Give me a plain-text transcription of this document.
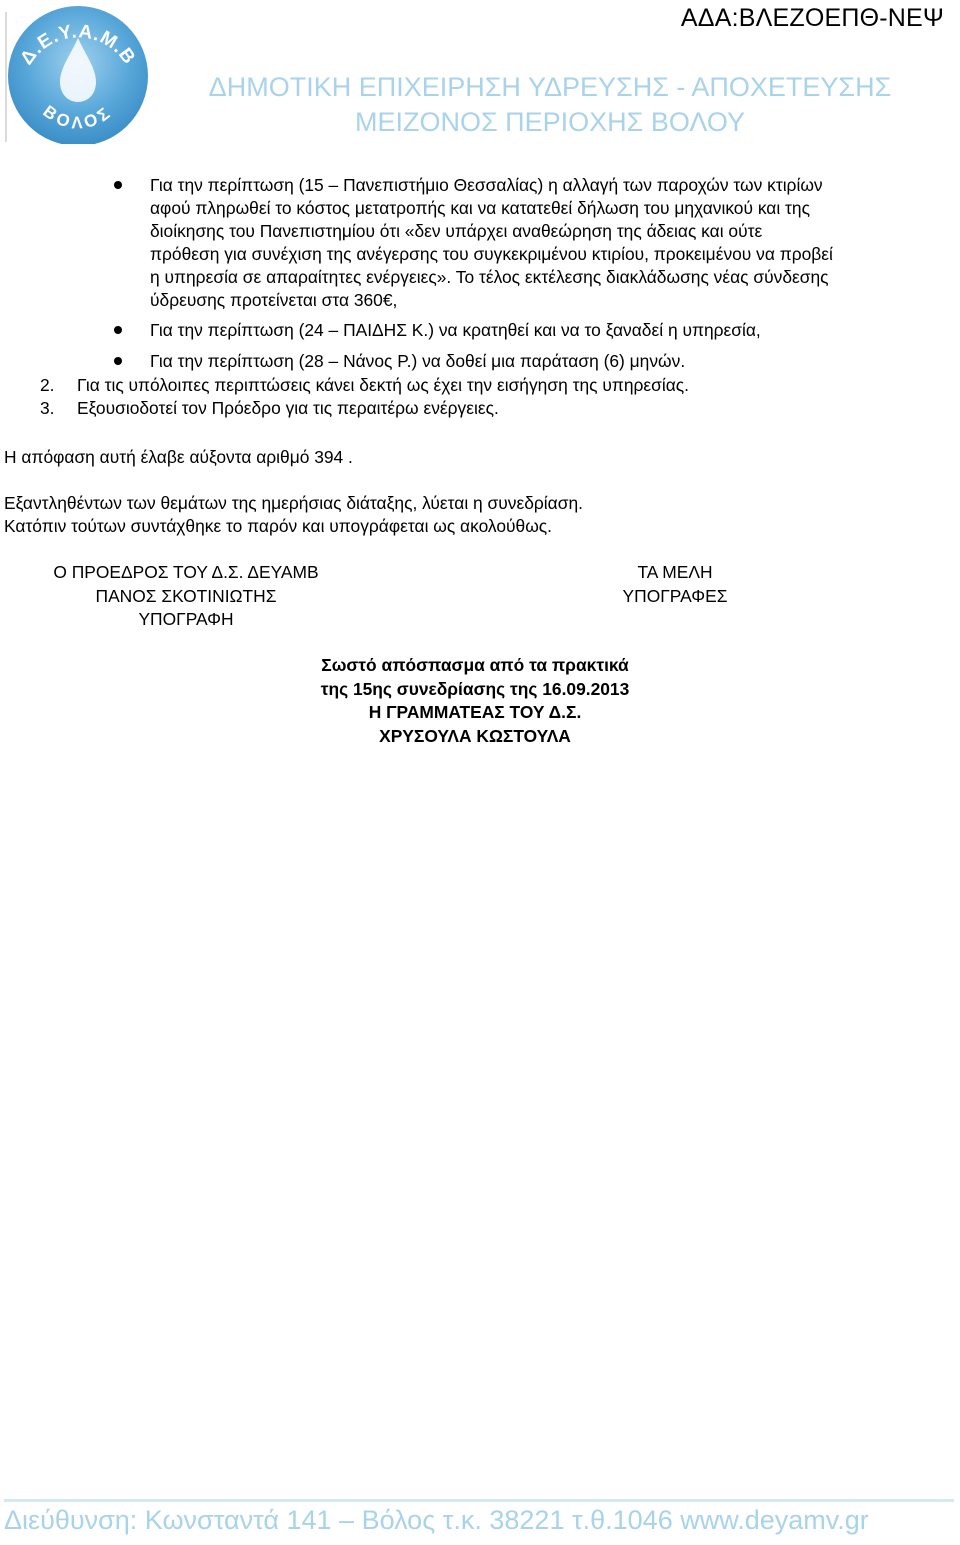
Δ.Ε.Υ.Α.Μ.Β
ΒΟΛΟΣ
ΑΔΑ:ΒΛΕΖΟΕΠΘ-ΝΕΨ
ΔΗΜΟΤΙΚΗ ΕΠΙΧΕΙΡΗΣΗ ΥΔΡΕΥΣΗΣ - ΑΠΟΧΕΤΕΥΣΗΣ
ΜΕΙΖΟΝΟΣ ΠΕΡΙΟΧΗΣ ΒΟΛΟΥ
Για την περίπτωση (15 – Πανεπιστήμιο Θεσσαλίας) η αλλαγή των παροχών των κτιρίων
αφού πληρωθεί το κόστος μετατροπής και να κατατεθεί δήλωση του μηχανικού και της
διοίκησης του Πανεπιστημίου ότι «δεν υπάρχει αναθεώρηση της άδειας και ούτε
πρόθεση για συνέχιση της ανέγερσης του συγκεκριμένου κτιρίου, προκειμένου να προβεί
η υπηρεσία σε απαραίτητες ενέργειες». Το τέλος εκτέλεσης διακλάδωσης νέας σύνδεσης
ύδρευσης προτείνεται στα 360€,
Για την περίπτωση (24 – ΠΑΙΔΗΣ Κ.) να κρατηθεί και να το ξαναδεί η υπηρεσία,
Για την περίπτωση (28 – Νάνος Ρ.) να δοθεί μια παράταση (6) μηνών.
2. Για τις υπόλοιπες περιπτώσεις κάνει δεκτή ως έχει την εισήγηση της υπηρεσίας.
3. Εξουσιοδοτεί τον Πρόεδρο για τις περαιτέρω ενέργειες.
Η απόφαση αυτή έλαβε αύξοντα αριθμό 394 .
Εξαντληθέντων των θεμάτων της ημερήσιας διάταξης, λύεται η συνεδρίαση.
Κατόπιν τούτων συντάχθηκε το παρόν και υπογράφεται ως ακολούθως.
Ο ΠΡΟΕΔΡΟΣ ΤΟΥ Δ.Σ. ΔΕΥΑΜΒ
ΠΑΝΟΣ ΣΚΟΤΙΝΙΩΤΗΣ
ΥΠΟΓΡΑΦΗ
ΤΑ ΜΕΛΗ
ΥΠΟΓΡΑΦΕΣ
Σωστό απόσπασμα από τα πρακτικά
της 15ης συνεδρίασης της 16.09.2013
Η ΓΡΑΜΜΑΤΕΑΣ ΤΟΥ Δ.Σ.
ΧΡΥΣΟΥΛΑ ΚΩΣΤΟΥΛΑ
Διεύθυνση: Κωνσταντά 141 – Βόλος τ.κ. 38221 τ.θ.1046 www.deyamv.gr
